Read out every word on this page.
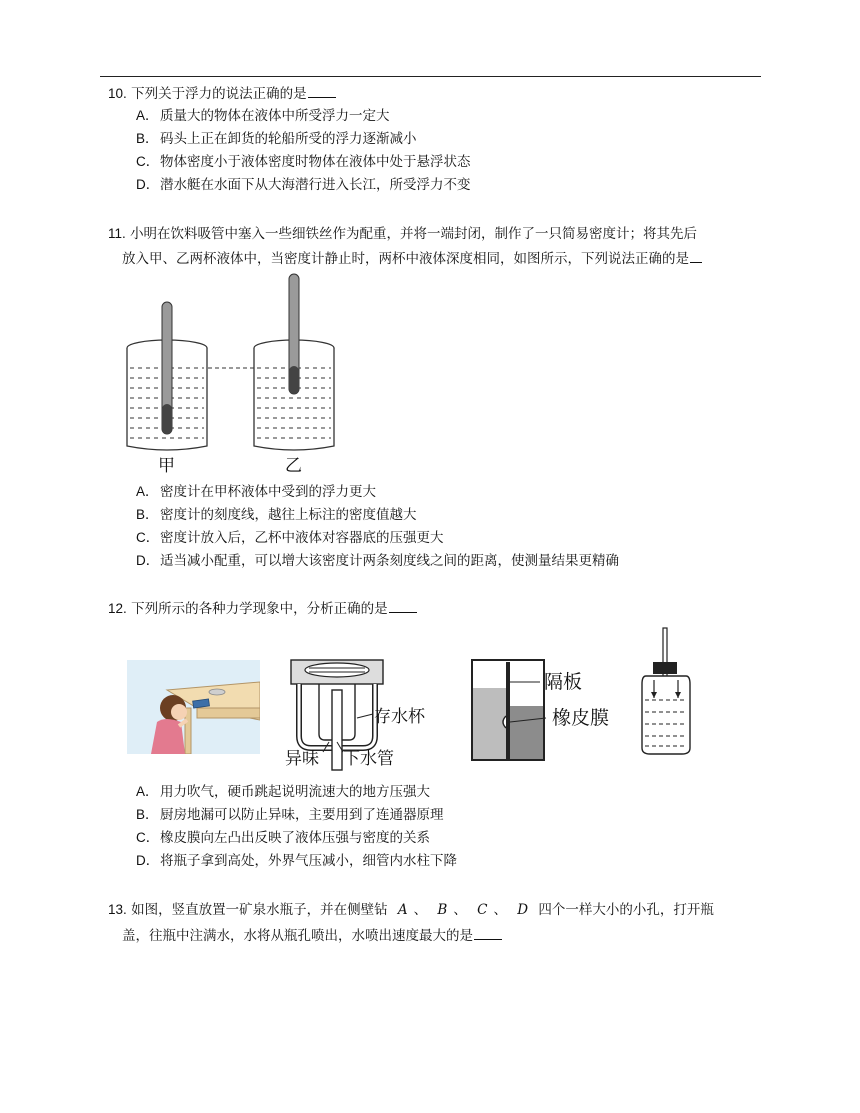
10. 下列关于浮力的说法正确的是
A．质量大的物体在液体中所受浮力一定大
B．码头上正在卸货的轮船所受的浮力逐渐减小
C．物体密度小于液体密度时物体在液体中处于悬浮状态
D．潜水艇在水面下从大海潜行进入长江，所受浮力不变
11. 小明在饮料吸管中塞入一些细铁丝作为配重，并将一端封闭，制作了一只简易密度计；将其先后
放入甲、乙两杯液体中，当密度计静止时，两杯中液体深度相同，如图所示，下列说法正确的是
甲	乙
A．密度计在甲杯液体中受到的浮力更大
B．密度计的刻度线，越往上标注的密度值越大
C．密度计放入后，乙杯中液体对容器底的压强更大
D．适当减小配重，可以增大该密度计两条刻度线之间的距离，使测量结果更精确
12. 下列所示的各种力学现象中，分析正确的是
存水杯
异味 下水管
隔板
橡皮膜
A．用力吹气，硬币跳起说明流速大的地方压强大
B．厨房地漏可以防止异味，主要用到了连通器原理
C．橡皮膜向左凸出反映了液体压强与密度的关系
D．将瓶子拿到高处，外界气压减小，细管内水柱下降
13. 如图，竖直放置一矿泉水瓶子，并在侧壁钻 A 、 B 、 C 、 D 四个一样大小的小孔，打开瓶
盖，往瓶中注满水，水将从瓶孔喷出，水喷出速度最大的是
